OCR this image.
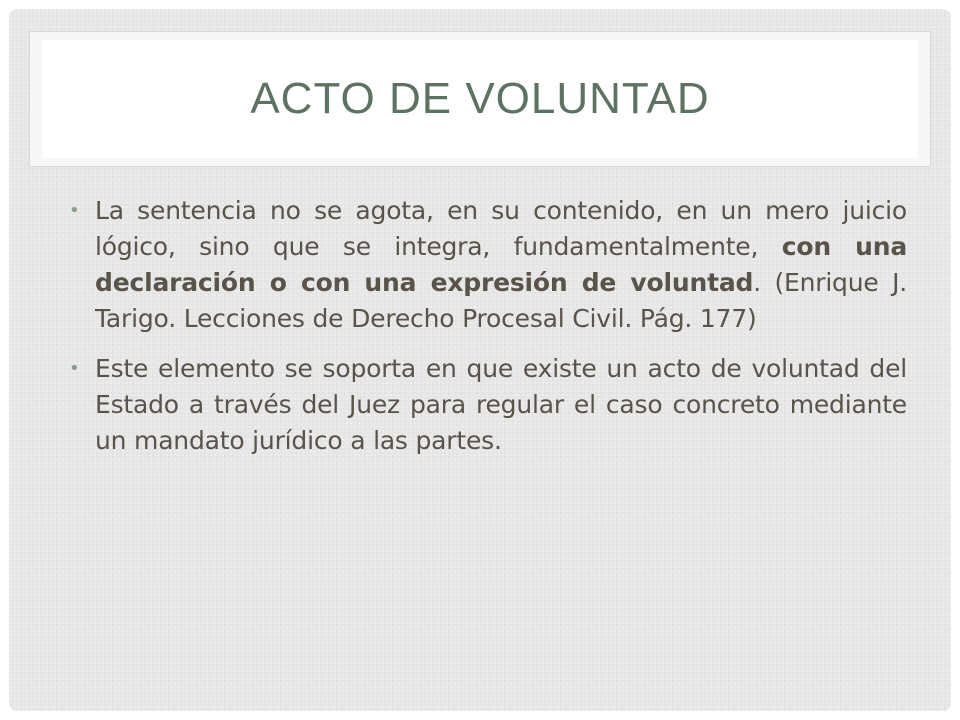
ACTO DE VOLUNTAD
• La sentencia no se agota, en su contenido, en un mero juicio lógico, sino que se integra, fundamentalmente, con una declaración o con una expresión de voluntad. (Enrique J. Tarigo. Lecciones de Derecho Procesal Civil. Pág. 177)
• Este elemento se soporta en que existe un acto de voluntad del Estado a través del Juez para regular el caso concreto mediante un mandato jurídico a las partes.
